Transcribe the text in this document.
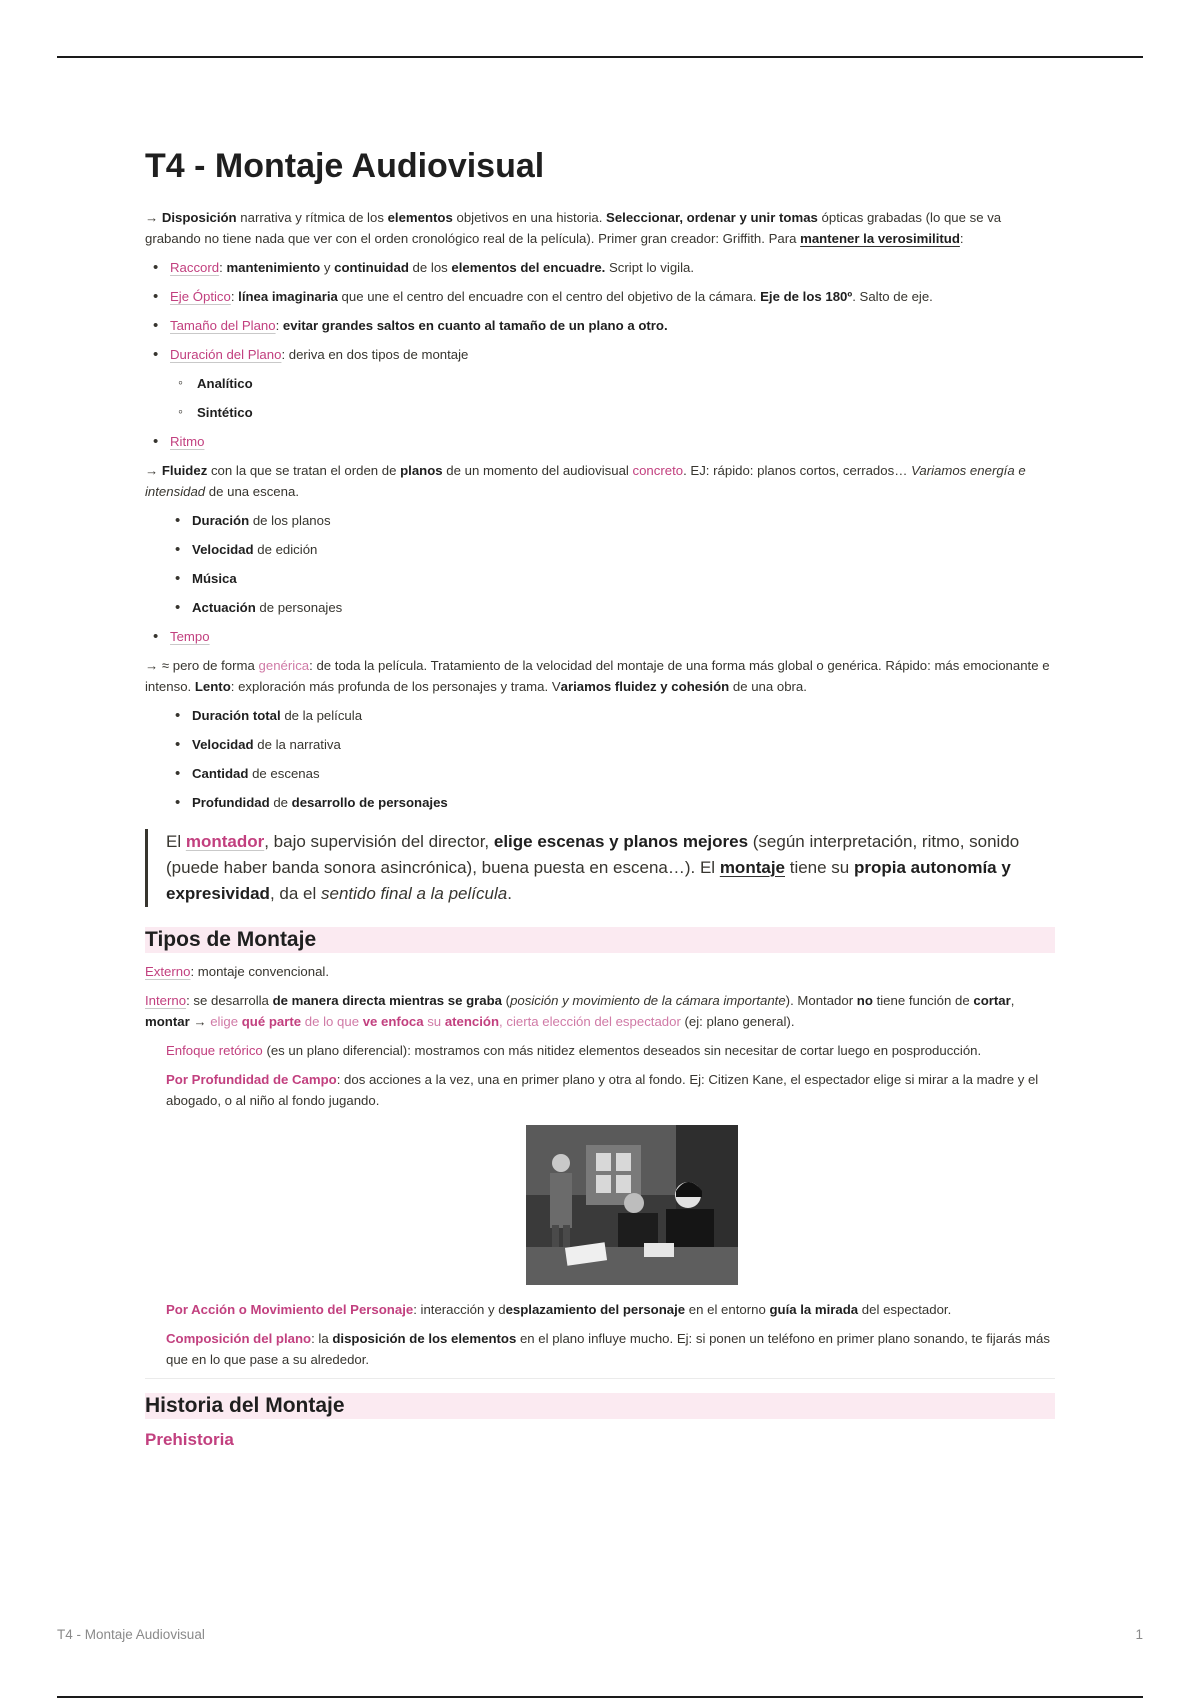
T4 - Montaje Audiovisual

→ Disposición narrativa y rítmica de los elementos objetivos en una historia. Seleccionar, ordenar y unir tomas ópticas grabadas (lo que se va grabando no tiene nada que ver con el orden cronológico real de la película). Primer gran creador: Griffith. Para mantener la verosimilitud:

• Raccord: mantenimiento y continuidad de los elementos del encuadre. Script lo vigila.
• Eje Óptico: línea imaginaria que une el centro del encuadre con el centro del objetivo de la cámara. Eje de los 180º. Salto de eje.
• Tamaño del Plano: evitar grandes saltos en cuanto al tamaño de un plano a otro.
• Duración del Plano: deriva en dos tipos de montaje
◦ Analítico
◦ Sintético
• Ritmo

→ Fluidez con la que se tratan el orden de planos de un momento del audiovisual concreto. EJ: rápido: planos cortos, cerrados… Variamos energía e intensidad de una escena.

• Duración de los planos
• Velocidad de edición
• Música
• Actuación de personajes
• Tempo

→ ≈ pero de forma genérica: de toda la película. Tratamiento de la velocidad del montaje de una forma más global o genérica. Rápido: más emocionante e intenso. Lento: exploración más profunda de los personajes y trama. Variamos fluidez y cohesión de una obra.

• Duración total de la película
• Velocidad de la narrativa
• Cantidad de escenas
• Profundidad de desarrollo de personajes
El montador, bajo supervisión del director, elige escenas y planos mejores (según interpretación, ritmo, sonido (puede haber banda sonora asincrónica), buena puesta en escena…). El montaje tiene su propia autonomía y expresividad, da el sentido final a la película.
Tipos de Montaje

Externo: montaje convencional.

Interno: se desarrolla de manera directa mientras se graba (posición y movimiento de la cámara importante). Montador no tiene función de cortar, montar → elige qué parte de lo que ve enfoca su atención, cierta elección del espectador (ej: plano general).

Enfoque retórico (es un plano diferencial): mostramos con más nitidez elementos deseados sin necesitar de cortar luego en posproducción.

Por Profundidad de Campo: dos acciones a la vez, una en primer plano y otra al fondo. Ej: Citizen Kane, el espectador elige si mirar a la madre y el abogado, o al niño al fondo jugando.

Por Acción o Movimiento del Personaje: interacción y desplazamiento del personaje en el entorno guía la mirada del espectador.

Composición del plano: la disposición de los elementos en el plano influye mucho. Ej: si ponen un teléfono en primer plano sonando, te fijarás más que en lo que pase a su alrededor.

Historia del Montaje
Prehistoria
T4 - Montaje Audiovisual	1
